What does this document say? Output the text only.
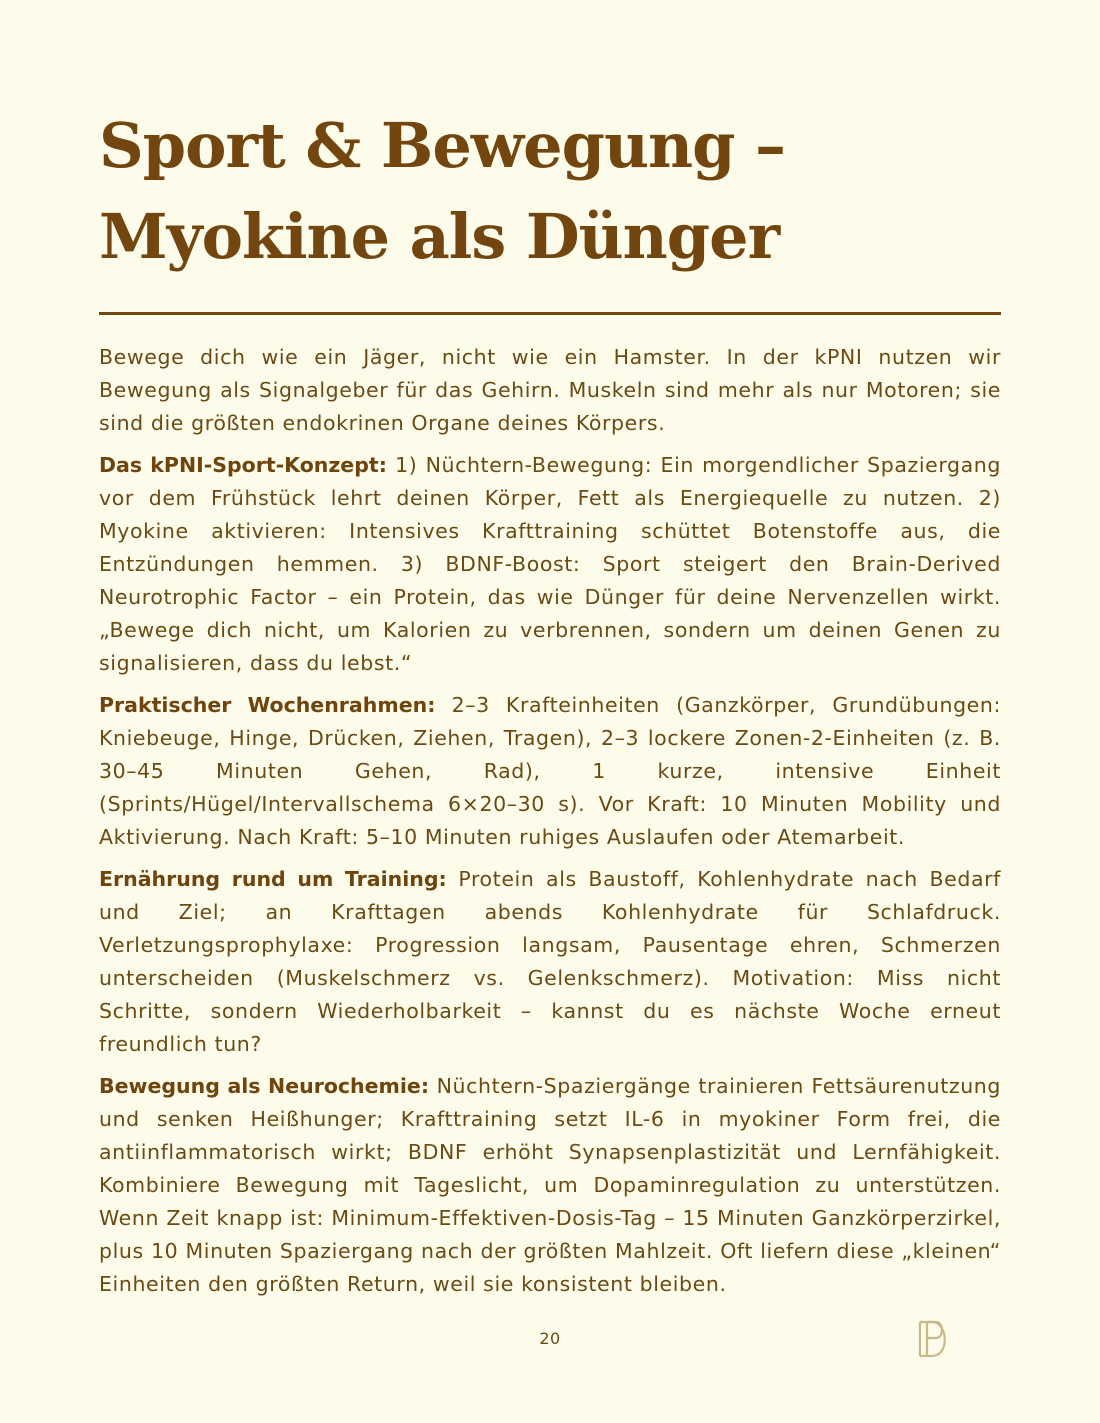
Sport & Bewegung –
Myokine als Dünger

Bewege dich wie ein Jäger, nicht wie ein Hamster. In der kPNI nutzen wir Bewegung als Signalgeber für das Gehirn. Muskeln sind mehr als nur Motoren; sie sind die größten endokrinen Organe deines Körpers.

Das kPNI-Sport-Konzept: 1) Nüchtern-Bewegung: Ein morgendlicher Spaziergang vor dem Frühstück lehrt deinen Körper, Fett als Energiequelle zu nutzen. 2) Myokine aktivieren: Intensives Krafttraining schüttet Botenstoffe aus, die Entzündungen hemmen. 3) BDNF-Boost: Sport steigert den Brain-Derived Neurotrophic Factor – ein Protein, das wie Dünger für deine Nervenzellen wirkt. „Bewege dich nicht, um Kalorien zu verbrennen, sondern um deinen Genen zu signalisieren, dass du lebst.“

Praktischer Wochenrahmen: 2–3 Krafteinheiten (Ganzkörper, Grundübungen: Kniebeuge, Hinge, Drücken, Ziehen, Tragen), 2–3 lockere Zonen-2-Einheiten (z. B. 30–45 Minuten Gehen, Rad), 1 kurze, intensive Einheit (Sprints/Hügel/Intervallschema 6×20–30 s). Vor Kraft: 10 Minuten Mobility und Aktivierung. Nach Kraft: 5–10 Minuten ruhiges Auslaufen oder Atemarbeit.

Ernährung rund um Training: Protein als Baustoff, Kohlenhydrate nach Bedarf und Ziel; an Krafttagen abends Kohlenhydrate für Schlafdruck. Verletzungsprophylaxe: Progression langsam, Pausentage ehren, Schmerzen unterscheiden (Muskelschmerz vs. Gelenkschmerz). Motivation: Miss nicht Schritte, sondern Wiederholbarkeit – kannst du es nächste Woche erneut freundlich tun?

Bewegung als Neurochemie: Nüchtern-Spaziergänge trainieren Fettsäurenutzung und senken Heißhunger; Krafttraining setzt IL-6 in myokiner Form frei, die antiinflammatorisch wirkt; BDNF erhöht Synapsenplastizität und Lernfähigkeit. Kombiniere Bewegung mit Tageslicht, um Dopaminregulation zu unterstützen. Wenn Zeit knapp ist: Minimum-Effektiven-Dosis-Tag – 15 Minuten Ganzkörperzirkel, plus 10 Minuten Spaziergang nach der größten Mahlzeit. Oft liefern diese „kleinen“ Einheiten den größten Return, weil sie konsistent bleiben.

20
